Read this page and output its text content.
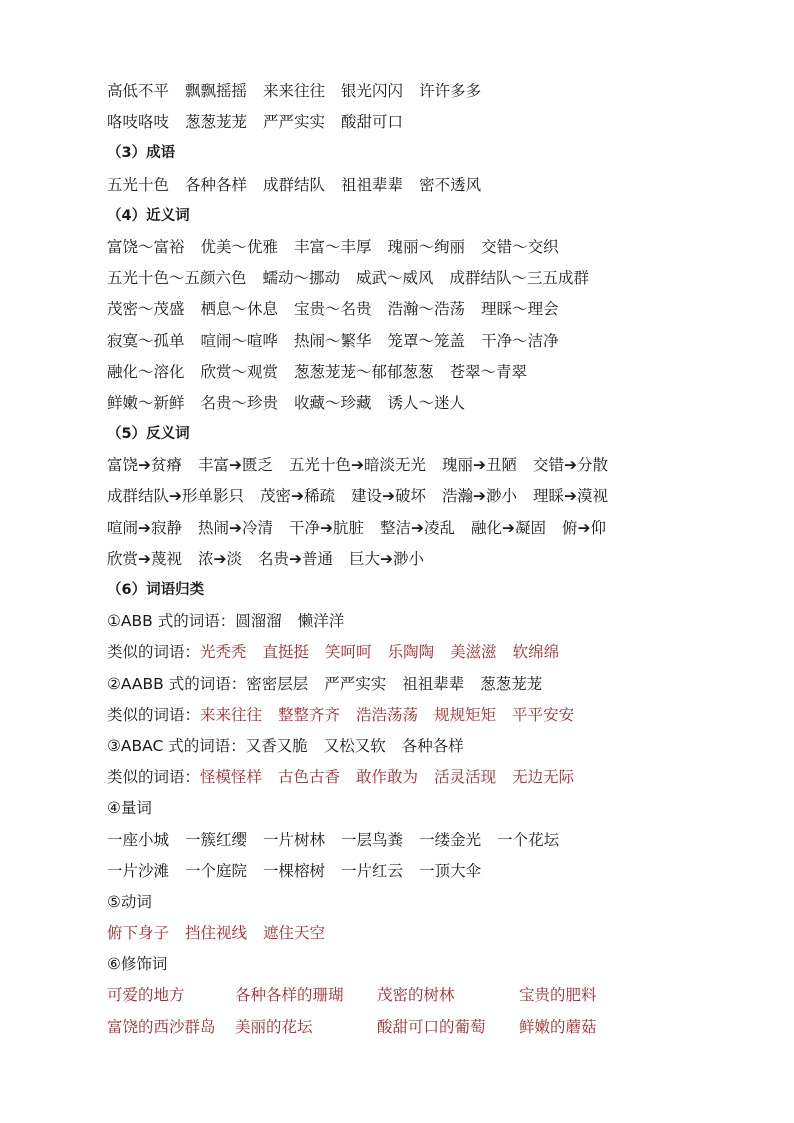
高低不平 飘飘摇摇 来来往往 银光闪闪 许许多多
咯吱咯吱 葱葱茏茏 严严实实 酸甜可口
（3）成语
五光十色 各种各样 成群结队 祖祖辈辈 密不透风
（4）近义词
富饶～富裕 优美～优雅 丰富～丰厚 瑰丽～绚丽 交错～交织
五光十色～五颜六色 蠕动～挪动 威武～威风 成群结队～三五成群
茂密～茂盛 栖息～休息 宝贵～名贵 浩瀚～浩荡 理睬～理会
寂寞～孤单 喧闹～喧哗 热闹～繁华 笼罩～笼盖 干净～洁净
融化～溶化 欣赏～观赏 葱葱茏茏～郁郁葱葱 苍翠～青翠
鲜嫩～新鲜 名贵～珍贵 收藏～珍藏 诱人～迷人
（5）反义词
富饶➔贫瘠 丰富➔匮乏 五光十色➔暗淡无光 瑰丽➔丑陋 交错➔分散
成群结队➔形单影只 茂密➔稀疏 建设➔破坏 浩瀚➔渺小 理睬➔漠视
喧闹➔寂静 热闹➔冷清 干净➔肮脏 整洁➔凌乱 融化➔凝固 俯➔仰
欣赏➔蔑视 浓➔淡 名贵➔普通 巨大➔渺小
（6）词语归类
①ABB 式的词语：圆溜溜 懒洋洋
类似的词语：光秃秃 直挺挺 笑呵呵 乐陶陶 美滋滋 软绵绵
②AABB 式的词语：密密层层 严严实实 祖祖辈辈 葱葱茏茏
类似的词语：来来往往 整整齐齐 浩浩荡荡 规规矩矩 平平安安
③ABAC 式的词语：又香又脆 又松又软 各种各样
类似的词语：怪模怪样 古色古香 敢作敢为 活灵活现 无边无际
④量词
一座小城 一簇红缨 一片树林 一层鸟粪 一缕金光 一个花坛
一片沙滩 一个庭院 一棵榕树 一片红云 一顶大伞
⑤动词
俯下身子 挡住视线 遮住天空
⑥修饰词
可爱的地方	各种各样的珊瑚 茂密的树林	宝贵的肥料
富饶的西沙群岛 美丽的花坛	酸甜可口的葡萄 鲜嫩的蘑菇
